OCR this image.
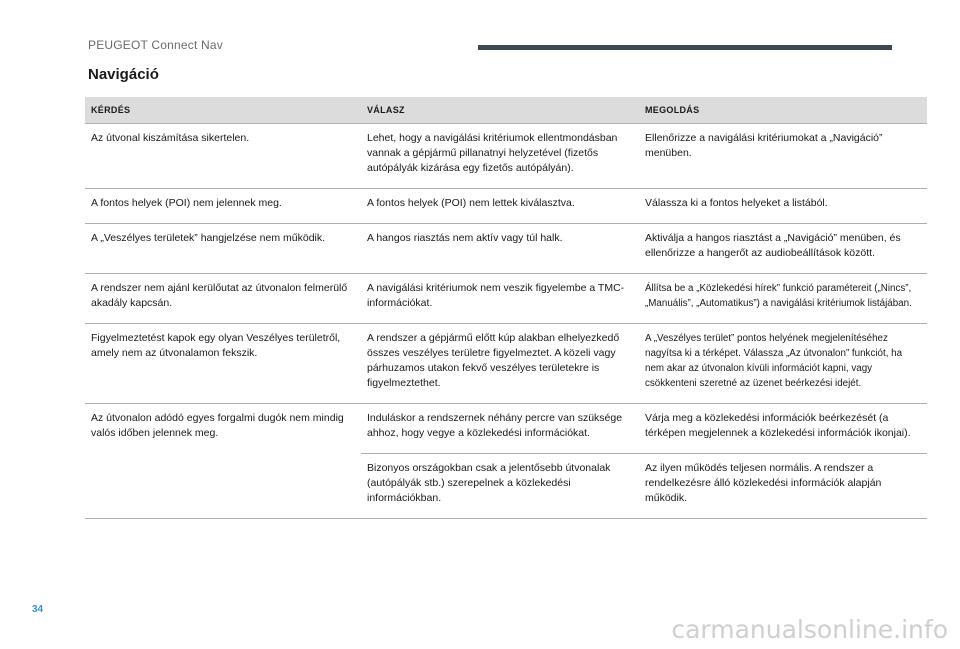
PEUGEOT Connect Nav
Navigáció
KÉRDÉS	VÁLASZ	MEGOLDÁS
Az útvonal kiszámítása sikertelen.	Lehet, hogy a navigálási kritériumok ellentmondásban vannak a gépjármű pillanatnyi helyzetével (fizetős autópályák kizárása egy fizetős autópályán).	Ellenőrizze a navigálási kritériumokat a „Navigáció” menüben.
A fontos helyek (POI) nem jelennek meg.	A fontos helyek (POI) nem lettek kiválasztva.	Válassza ki a fontos helyeket a listából.
A „Veszélyes területek” hangjelzése nem működik.	A hangos riasztás nem aktív vagy túl halk.	Aktiválja a hangos riasztást a „Navigáció” menüben, és ellenőrizze a hangerőt az audiobeállítások között.
A rendszer nem ajánl kerülőutat az útvonalon felmerülő akadály kapcsán.	A navigálási kritériumok nem veszik figyelembe a TMC-információkat.	Állítsa be a „Közlekedési hírek” funkció paramétereit („Nincs”, „Manuális”, „Automatikus”) a navigálási kritériumok listájában.
Figyelmeztetést kapok egy olyan Veszélyes területről, amely nem az útvonalamon fekszik.	A rendszer a gépjármű előtt kúp alakban elhelyezkedő összes veszélyes területre figyelmeztet. A közeli vagy párhuzamos utakon fekvő veszélyes területekre is figyelmeztethet.	A „Veszélyes terület” pontos helyének megjelenítéséhez nagyítsa ki a térképet. Válassza „Az útvonalon” funkciót, ha nem akar az útvonalon kívüli információt kapni, vagy csökkenteni szeretné az üzenet beérkezési idejét.
Az útvonalon adódó egyes forgalmi dugók nem mindig valós időben jelennek meg.	Induláskor a rendszernek néhány percre van szüksége ahhoz, hogy vegye a közlekedési információkat.	Várja meg a közlekedési információk beérkezését (a térképen megjelennek a közlekedési információk ikonjai).
	Bizonyos országokban csak a jelentősebb útvonalak (autópályák stb.) szerepelnek a közlekedési információkban.	Az ilyen működés teljesen normális. A rendszer a rendelkezésre álló közlekedési információk alapján működik.
34
carmanualsonline.info
